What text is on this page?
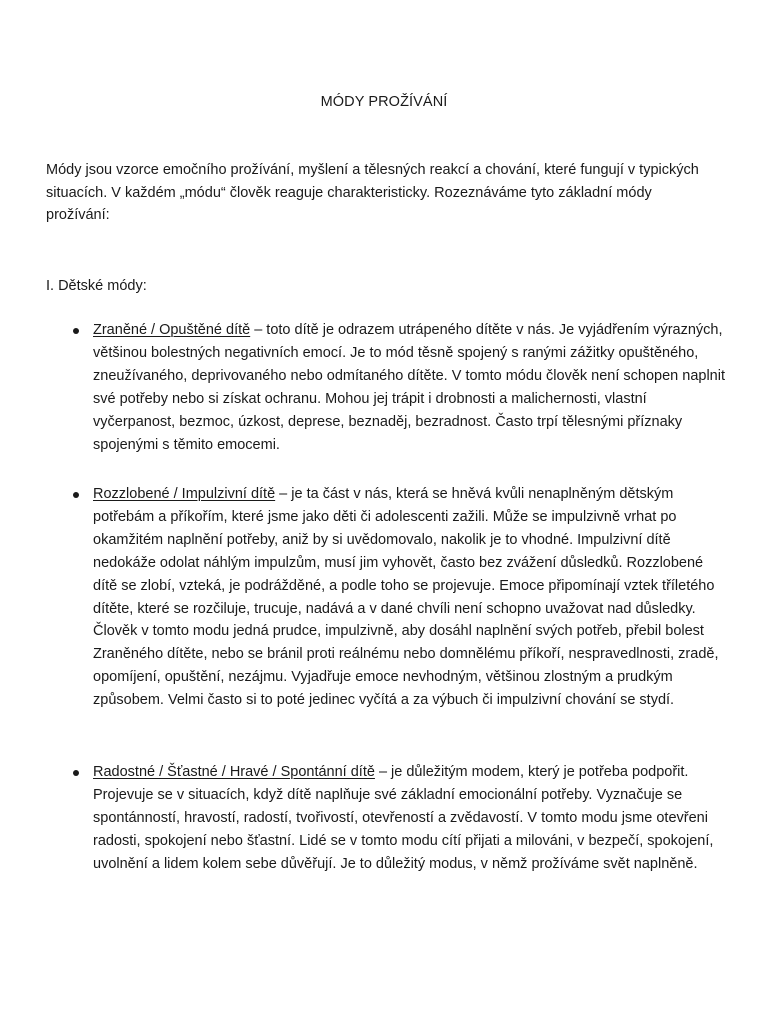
MÓDY PROŽÍVÁNÍ
Módy jsou vzorce emočního prožívání, myšlení a tělesných reakcí a chování, které fungují v typických situacích. V každém „módu“ člověk reaguje charakteristicky. Rozeznáváme tyto základní módy prožívání:
I. Dětské módy:
Zraněné / Opuštěné dítě – toto dítě je odrazem utrápeného dítěte v nás. Je vyjádřením výrazných, většinou bolestných negativních emocí. Je to mód těsně spojený s ranými zážitky opuštěného, zneužívaného, deprivovaného nebo odmítaného dítěte. V tomto módu člověk není schopen naplnit své potřeby nebo si získat ochranu. Mohou jej trápit i drobnosti a malichernosti, vlastní vyčerpanost, bezmoc, úzkost, deprese, beznaděj, bezradnost. Často trpí tělesnými příznaky spojenými s těmito emocemi.
Rozzlobené / Impulzivní dítě – je ta část v nás, která se hněvá kvůli nenaplněným dětským potřebám a příkořím, které jsme jako děti či adolescenti zažili. Může se impulzivně vrhat po okamžitém naplnění potřeby, aniž by si uvědomovalo, nakolik je to vhodné. Impulzivní dítě nedokáže odolat náhlým impulzům, musí jim vyhovět, často bez zvážení důsledků. Rozzlobené dítě se zlobí, vzteká, je podrážděné, a podle toho se projevuje. Emoce připomínají vztek tříletého dítěte, které se rozčiluje, trucuje, nadává a v dané chvíli není schopno uvažovat nad důsledky. Člověk v tomto modu jedná prudce, impulzivně, aby dosáhl naplnění svých potřeb, přebil bolest Zraněného dítěte, nebo se bránil proti reálnému nebo domnělému příkoří, nespravedlnosti, zradě, opomíjení, opuštění, nezájmu. Vyjadřuje emoce nevhodným, většinou zlostným a prudkým způsobem. Velmi často si to poté jedinec vyčítá a za výbuch či impulzivní chování se stydí.
Radostné / Šťastné / Hravé / Spontánní dítě – je důležitým modem, který je potřeba podpořit. Projevuje se v situacích, když dítě naplňuje své základní emocionální potřeby. Vyznačuje se spontánností, hravostí, radostí, tvořivostí, otevřeností a zvědavostí. V tomto modu jsme otevřeni radosti, spokojení nebo šťastní. Lidé se v tomto modu cítí přijati a milováni, v bezpečí, spokojení, uvolnění a lidem kolem sebe důvěřují. Je to důležitý modus, v němž prožíváme svět naplněně.
